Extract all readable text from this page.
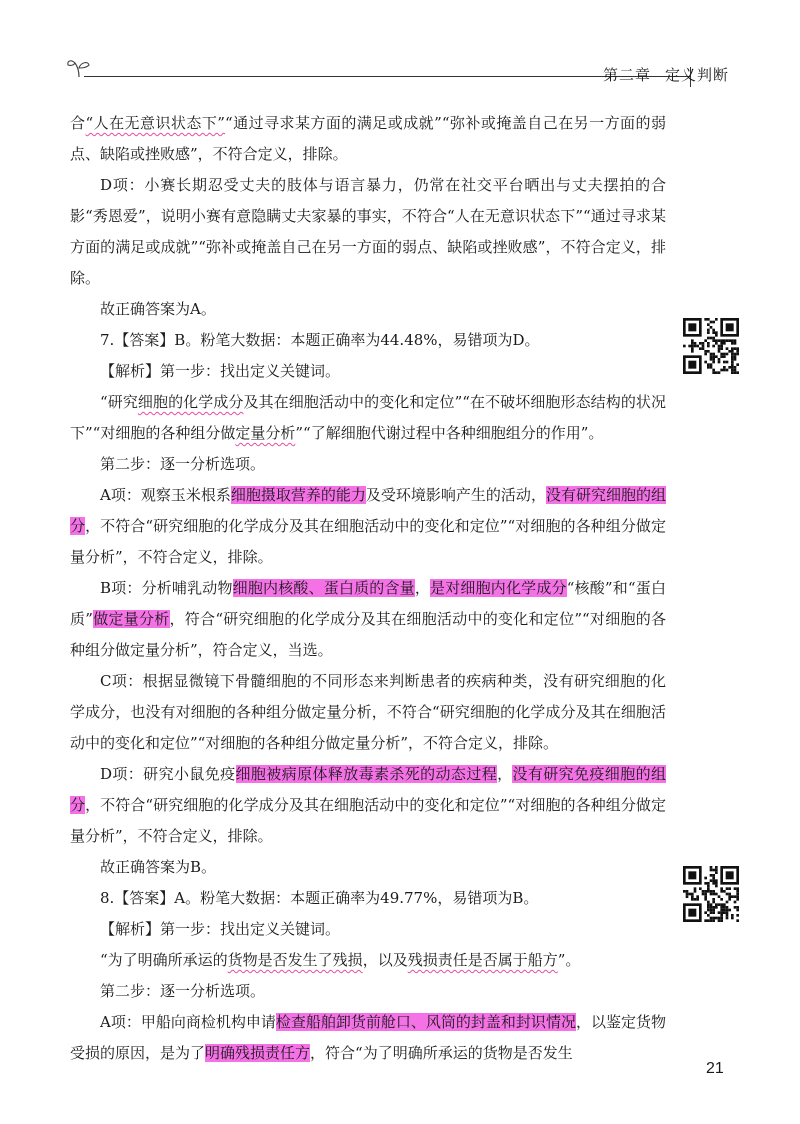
第二章 定义判断

合“人在无意识状态下”“通过寻求某方面的满足或成就”“弥补或掩盖自己在另一方面的弱点、缺陷或挫败感”，不符合定义，排除。

D项：小赛长期忍受丈夫的肢体与语言暴力，仍常在社交平台晒出与丈夫摆拍的合影“秀恩爱”，说明小赛有意隐瞒丈夫家暴的事实，不符合“人在无意识状态下”“通过寻求某方面的满足或成就”“弥补或掩盖自己在另一方面的弱点、缺陷或挫败感”，不符合定义，排除。

故正确答案为A。

7.【答案】B。粉笔大数据：本题正确率为44.48%，易错项为D。

【解析】第一步：找出定义关键词。

“研究细胞的化学成分及其在细胞活动中的变化和定位”“在不破坏细胞形态结构的状况下”“对细胞的各种组分做定量分析”“了解细胞代谢过程中各种细胞组分的作用”。

第二步：逐一分析选项。

A项：观察玉米根系细胞摄取营养的能力及受环境影响产生的活动，没有研究细胞的组分，不符合“研究细胞的化学成分及其在细胞活动中的变化和定位”“对细胞的各种组分做定量分析”，不符合定义，排除。

B项：分析哺乳动物细胞内核酸、蛋白质的含量，是对细胞内化学成分“核酸”和“蛋白质”做定量分析，符合“研究细胞的化学成分及其在细胞活动中的变化和定位”“对细胞的各种组分做定量分析”，符合定义，当选。

C项：根据显微镜下骨髓细胞的不同形态来判断患者的疾病种类，没有研究细胞的化学成分，也没有对细胞的各种组分做定量分析，不符合“研究细胞的化学成分及其在细胞活动中的变化和定位”“对细胞的各种组分做定量分析”，不符合定义，排除。

D项：研究小鼠免疫细胞被病原体释放毒素杀死的动态过程，没有研究免疫细胞的组分，不符合“研究细胞的化学成分及其在细胞活动中的变化和定位”“对细胞的各种组分做定量分析”，不符合定义，排除。

故正确答案为B。

8.【答案】A。粉笔大数据：本题正确率为49.77%，易错项为B。

【解析】第一步：找出定义关键词。

“为了明确所承运的货物是否发生了残损，以及残损责任是否属于船方”。

第二步：逐一分析选项。

A项：甲船向商检机构申请检查船舶卸货前舱口、风筒的封盖和封识情况，以鉴定货物受损的原因，是为了明确残损责任方，符合“为了明确所承运的货物是否发生

21
